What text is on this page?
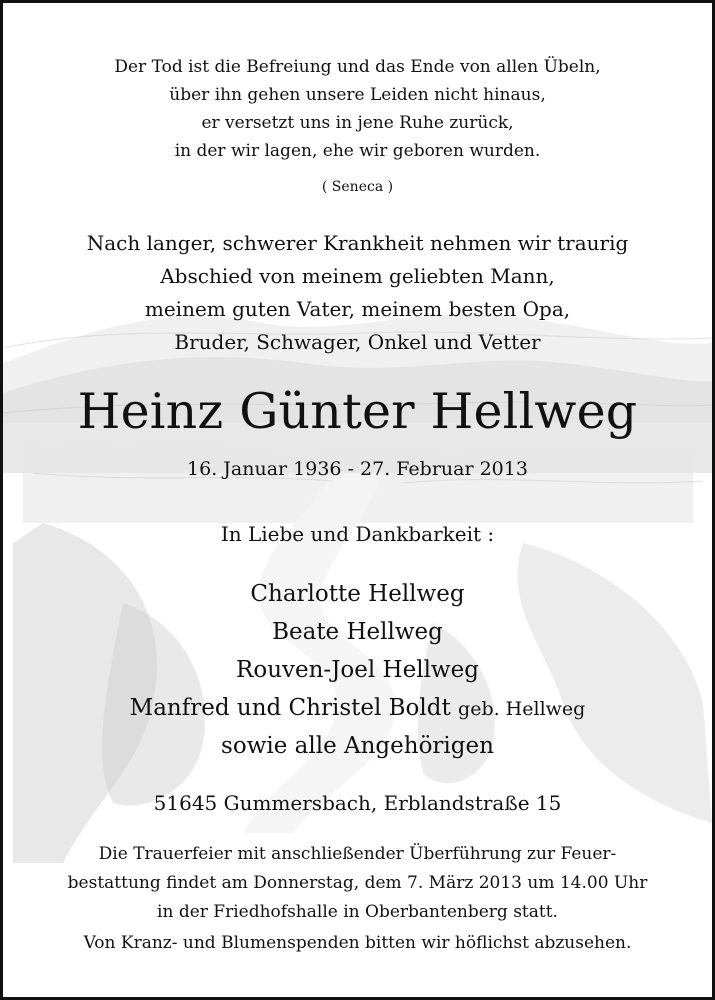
Der Tod ist die Befreiung und das Ende von allen Übeln,
über ihn gehen unsere Leiden nicht hinaus,
er versetzt uns in jene Ruhe zurück,
in der wir lagen, ehe wir geboren wurden.
( Seneca )
Nach langer, schwerer Krankheit nehmen wir traurig
Abschied von meinem geliebten Mann,
meinem guten Vater, meinem besten Opa,
Bruder, Schwager, Onkel und Vetter
Heinz Günter Hellweg
16. Januar 1936 - 27. Februar 2013
In Liebe und Dankbarkeit :
Charlotte Hellweg
Beate Hellweg
Rouven-Joel Hellweg
Manfred und Christel Boldt geb. Hellweg
sowie alle Angehörigen
51645 Gummersbach, Erblandstraße 15
Die Trauerfeier mit anschließender Überführung zur Feuer-
bestattung findet am Donnerstag, dem 7. März 2013 um 14.00 Uhr
in der Friedhofshalle in Oberbantenberg statt.
Von Kranz- und Blumenspenden bitten wir höflichst abzusehen.
